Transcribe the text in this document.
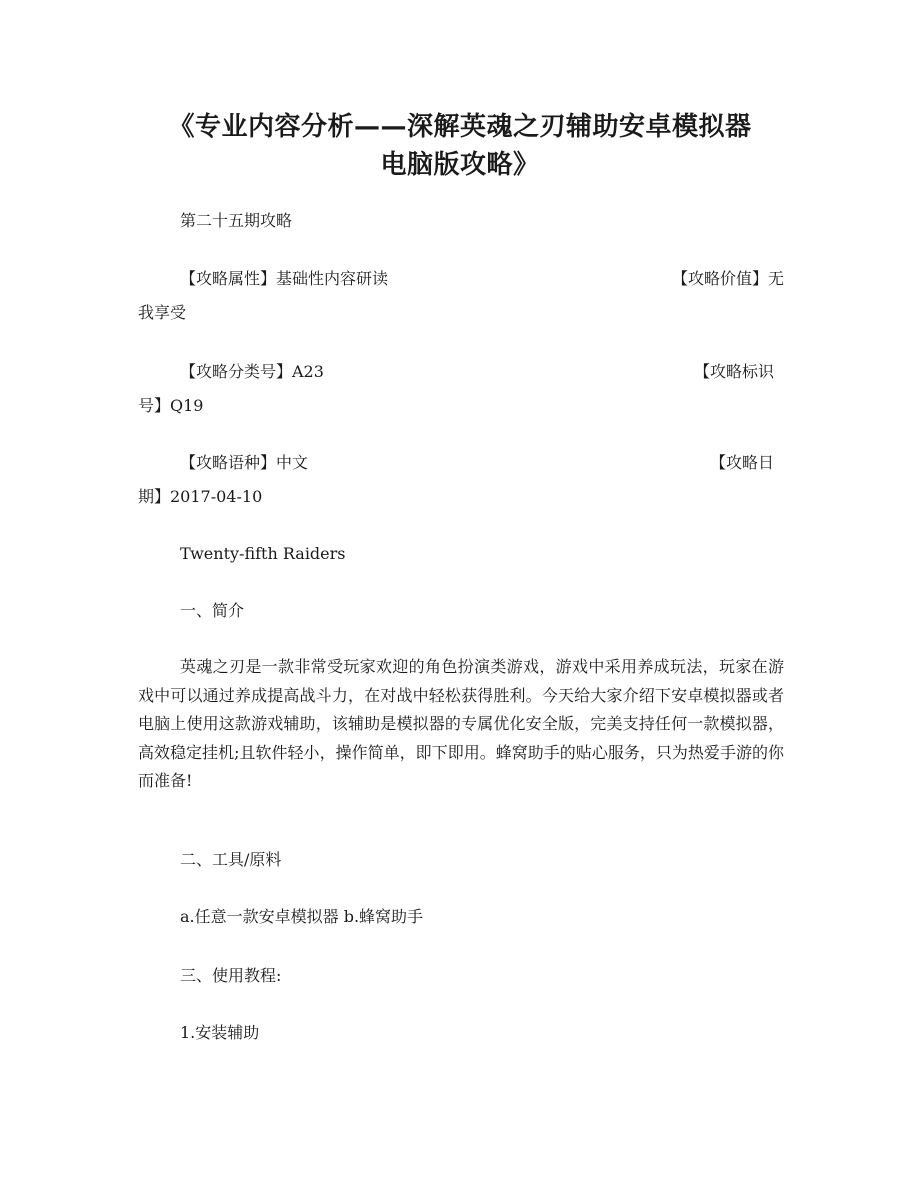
《专业内容分析——深解英魂之刃辅助安卓模拟器
电脑版攻略》

第二十五期攻略

【攻略属性】基础性内容研读	【攻略价值】无
我享受
【攻略分类号】A23	【攻略标识
号】Q19
【攻略语种】中文	【攻略日
期】2017-04-10

Twenty-fifth Raiders

一、简介

英魂之刃是一款非常受玩家欢迎的角色扮演类游戏，游戏中采用养成玩法，玩家在游戏中可以通过养成提高战斗力，在对战中轻松获得胜利。今天给大家介绍下安卓模拟器或者电脑上使用这款游戏辅助，该辅助是模拟器的专属优化安全版，完美支持任何一款模拟器，高效稳定挂机;且软件轻小，操作简单，即下即用。蜂窝助手的贴心服务，只为热爱手游的你而准备!

二、工具/原料

a.任意一款安卓模拟器 b.蜂窝助手

三、使用教程:

1.安装辅助
